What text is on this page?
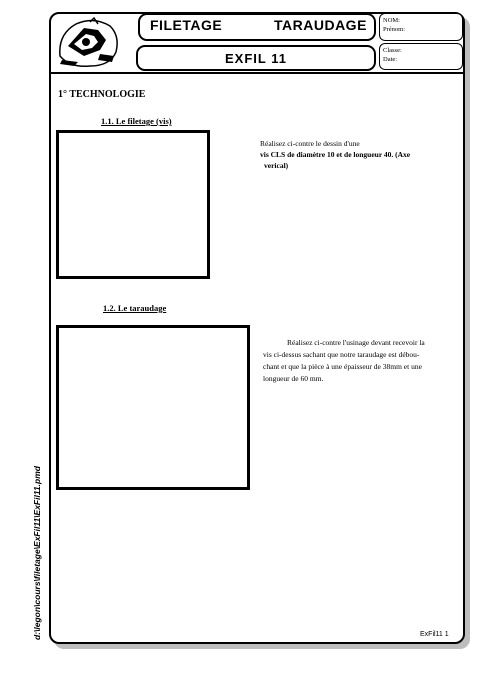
FILETAGE	TARAUDAGE
EXFIL 11
NOM:
Prénom:
Classe:
Date:
1° TECHNOLOGIE
1.1. Le filetage (vis)
Réalisez ci-contre le dessin d'une
vis CLS de diamètre 10 et de longueur 40. (Axe
verical)
1.2. Le taraudage
Réalisez ci-contre l'usinage devant recevoir la
vis ci-dessus sachant que notre taraudage est débou-
chant et que la pièce à une épaisseur de 38mm et une
longueur de 60 mm.
d:\legon\cours\filetage\ExFil11\ExFil11.pmd	ExFil11 1
